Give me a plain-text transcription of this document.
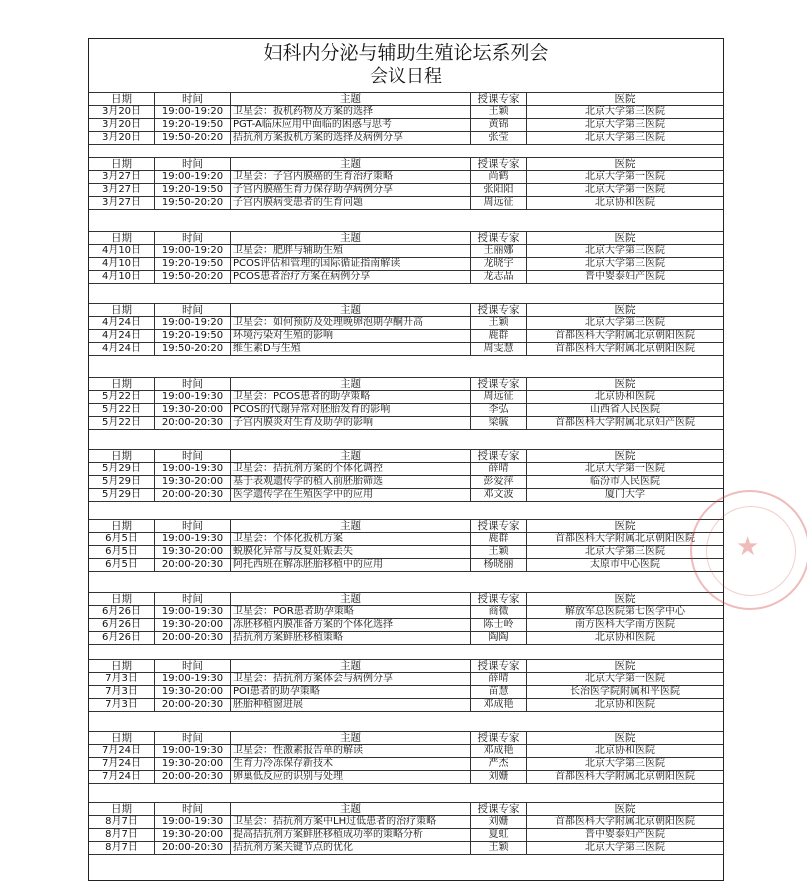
妇科内分泌与辅助生殖论坛系列会
会议日程
日期	时间	主题	授课专家	医院
3月20日	19:00-19:20 卫星会：扳机药物及方案的选择	王颖	北京大学第三医院
3月20日	19:20-19:50 PGT-A临床应用中面临的困惑与思考	黄锦	北京大学第三医院
3月20日	19:50-20:20 拮抗剂方案扳机方案的选择及病例分享	张莹	北京大学第三医院
日期	时间	主题	授课专家	医院
3月27日	19:00-19:20 卫星会：子宫内膜癌的生育治疗策略	尚鹤	北京大学第一医院
3月27日	19:20-19:50 子宫内膜癌生育力保存助孕病例分享	张阳阳	北京大学第一医院
3月27日	19:50-20:20 子宫内膜病变患者的生育问题	周远征	北京协和医院
日期	时间	主题	授课专家	医院
4月10日	19:00-19:20 卫星会：肥胖与辅助生殖	王丽娜	北京大学第三医院
4月10日	19:20-19:50 PCOS评估和管理的国际循证指南解读	龙晓宇	北京大学第三医院
4月10日	19:50-20:20 PCOS患者治疗方案在病例分享	龙志晶	晋中婴泰妇产医院
日期	时间	主题	授课专家	医院
4月24日	19:00-19:20 卫星会：如何预防及处理晚卵泡期孕酮升高	王颖	北京大学第三医院
4月24日	19:20-19:50 环境污染对生殖的影响	鹿群	首都医科大学附属北京朝阳医院
4月24日	19:50-20:20 维生素D与生殖	周雯慧	首都医科大学附属北京朝阳医院
日期	时间	主题	授课专家	医院
5月22日	19:00-19:30 卫星会：PCOS患者的助孕策略	周远征	北京协和医院
5月22日	19:30-20:00 PCOS的代谢异常对胚胎发育的影响	李弘	山西省人民医院
5月22日	20:00-20:30 子宫内膜炎对生育及助孕的影响	梁毓	首都医科大学附属北京妇产医院
日期	时间	主题	授课专家	医院
5月29日	19:00-19:30 卫星会：拮抗剂方案的个体化调控	薛晴	北京大学第一医院
5月29日	19:30-20:00 基于表观遗传学的植入前胚胎筛选	彭爱萍	临汾市人民医院
5月29日	20:00-20:30 医学遗传学在生殖医学中的应用	邓文波	厦门大学
日期	时间	主题	授课专家	医院
6月5日	19:00-19:30 卫星会：个体化扳机方案	鹿群	首都医科大学附属北京朝阳医院
6月5日	19:30-20:00 蜕膜化异常与反复妊娠丢失	王颖	北京大学第三医院
6月5日	20:00-20:30 阿托西班在解冻胚胎移植中的应用	杨晓丽	太原市中心医院
日期	时间	主题	授课专家	医院
6月26日	19:00-19:30 卫星会：POR患者助孕策略	商微	解放军总医院第七医学中心
6月26日	19:30-20:00 冻胚移植内膜准备方案的个体化选择	陈士岭	南方医科大学南方医院
6月26日	20:00-20:30 拮抗剂方案鲜胚移植策略	陶陶	北京协和医院
日期	时间	主题	授课专家	医院
7月3日	19:00-19:30 卫星会：拮抗剂方案体会与病例分享	薛晴	北京大学第一医院
7月3日	19:30-20:00 POI患者的助孕策略	苗慧	长治医学院附属和平医院
7月3日	20:00-20:30 胚胎种植窗进展	邓成艳	北京协和医院
日期	时间	主题	授课专家	医院
7月24日	19:00-19:30 卫星会：性激素报告单的解读	邓成艳	北京协和医院
7月24日	19:30-20:00 生育力冷冻保存新技术	严杰	北京大学第三医院
7月24日	20:00-20:30 卵巢低反应的识别与处理	刘姗	首都医科大学附属北京朝阳医院
日期	时间	主题	授课专家	医院
8月7日	19:00-19:30 卫星会：拮抗剂方案中LH过低患者的治疗策略	刘姗	首都医科大学附属北京朝阳医院
8月7日	19:30-20:00 提高拮抗剂方案鲜胚移植成功率的策略分析	夏虹	晋中婴泰妇产医院
8月7日	20:00-20:30 拮抗剂方案关键节点的优化	王颖	北京大学第三医院
★
